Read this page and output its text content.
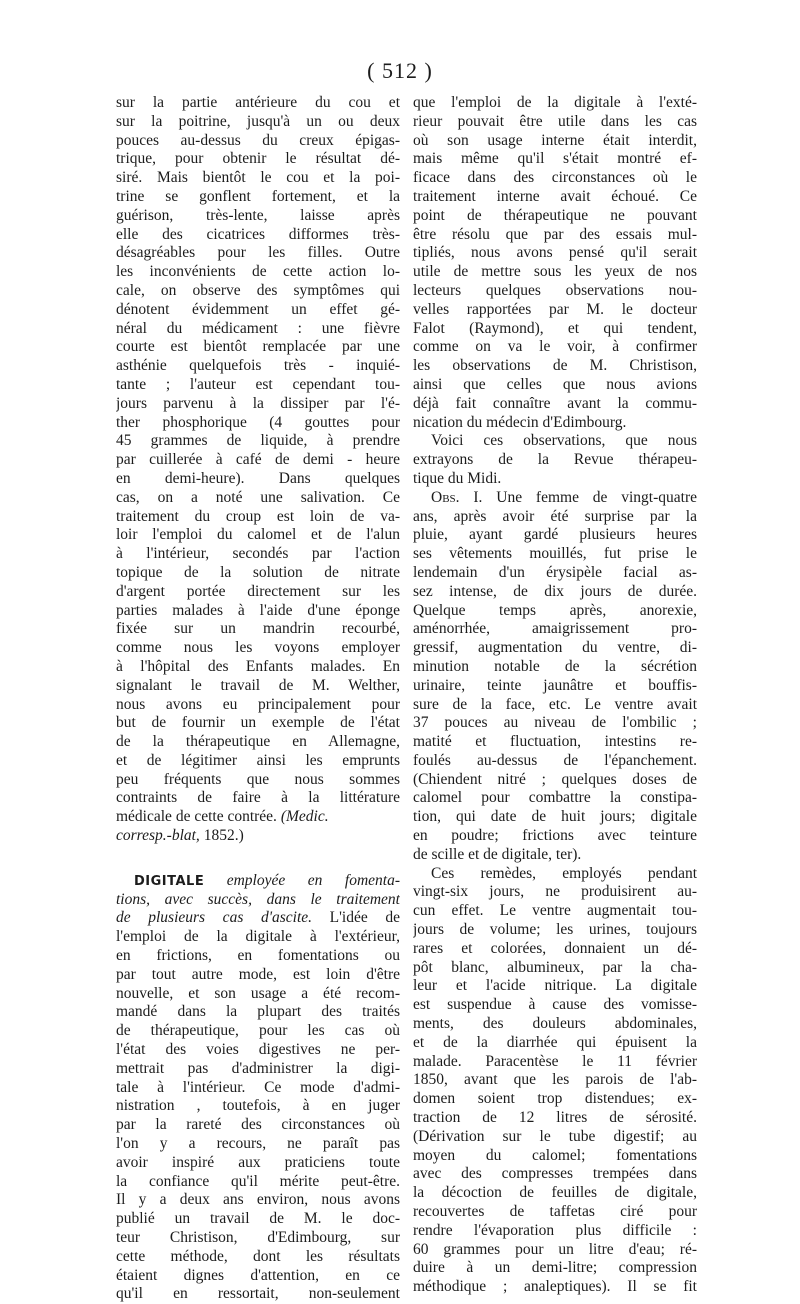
( 512 )
sur la partie antérieure du cou et
sur la poitrine, jusqu'à un ou deux
pouces au-dessus du creux épigas-
trique, pour obtenir le résultat dé-
siré. Mais bientôt le cou et la poi-
trine se gonflent fortement, et la
guérison, très-lente, laisse après
elle des cicatrices difformes très-
désagréables pour les filles. Outre
les inconvénients de cette action lo-
cale, on observe des symptômes qui
dénotent évidemment un effet gé-
néral du médicament : une fièvre
courte est bientôt remplacée par une
asthénie quelquefois très - inquié-
tante ; l'auteur est cependant tou-
jours parvenu à la dissiper par l'é-
ther phosphorique (4 gouttes pour
45 grammes de liquide, à prendre
par cuillerée à café de demi - heure
en demi-heure). Dans quelques
cas, on a noté une salivation. Ce
traitement du croup est loin de va-
loir l'emploi du calomel et de l'alun
à l'intérieur, secondés par l'action
topique de la solution de nitrate
d'argent portée directement sur les
parties malades à l'aide d'une éponge
fixée sur un mandrin recourbé,
comme nous les voyons employer
à l'hôpital des Enfants malades. En
signalant le travail de M. Welther,
nous avons eu principalement pour
but de fournir un exemple de l'état
de la thérapeutique en Allemagne,
et de légitimer ainsi les emprunts
peu fréquents que nous sommes
contraints de faire à la littérature
médicale de cette contrée. (Medic.
corresp.-blat, 1852.)
DIGITALE employée en fomenta-
tions, avec succès, dans le traitement
de plusieurs cas d'ascite. L'idée de
l'emploi de la digitale à l'extérieur,
en frictions, en fomentations ou
par tout autre mode, est loin d'être
nouvelle, et son usage a été recom-
mandé dans la plupart des traités
de thérapeutique, pour les cas où
l'état des voies digestives ne per-
mettrait pas d'administrer la digi-
tale à l'intérieur. Ce mode d'admi-
nistration , toutefois, à en juger
par la rareté des circonstances où
l'on y a recours, ne paraît pas
avoir inspiré aux praticiens toute
la confiance qu'il mérite peut-être.
Il y a deux ans environ, nous avons
publié un travail de M. le doc-
teur Christison, d'Edimbourg, sur
cette méthode, dont les résultats
étaient dignes d'attention, en ce
qu'il en ressortait, non-seulement
que l'emploi de la digitale à l'exté-
rieur pouvait être utile dans les cas
où son usage interne était interdit,
mais même qu'il s'était montré ef-
ficace dans des circonstances où le
traitement interne avait échoué. Ce
point de thérapeutique ne pouvant
être résolu que par des essais mul-
tipliés, nous avons pensé qu'il serait
utile de mettre sous les yeux de nos
lecteurs quelques observations nou-
velles rapportées par M. le docteur
Falot (Raymond), et qui tendent,
comme on va le voir, à confirmer
les observations de M. Christison,
ainsi que celles que nous avions
déjà fait connaître avant la commu-
nication du médecin d'Edimbourg.
Voici ces observations, que nous
extrayons de la Revue thérapeu-
tique du Midi.
Obs. I. Une femme de vingt-quatre
ans, après avoir été surprise par la
pluie, ayant gardé plusieurs heures
ses vêtements mouillés, fut prise le
lendemain d'un érysipèle facial as-
sez intense, de dix jours de durée.
Quelque temps après, anorexie,
aménorrhée, amaigrissement pro-
gressif, augmentation du ventre, di-
minution notable de la sécrétion
urinaire, teinte jaunâtre et bouffis-
sure de la face, etc. Le ventre avait
37 pouces au niveau de l'ombilic ;
matité et fluctuation, intestins re-
foulés au-dessus de l'épanchement.
(Chiendent nitré ; quelques doses de
calomel pour combattre la constipa-
tion, qui date de huit jours; digitale
en poudre; frictions avec teinture
de scille et de digitale, ter).
Ces remèdes, employés pendant
vingt-six jours, ne produisirent au-
cun effet. Le ventre augmentait tou-
jours de volume; les urines, toujours
rares et colorées, donnaient un dé-
pôt blanc, albumineux, par la cha-
leur et l'acide nitrique. La digitale
est suspendue à cause des vomisse-
ments, des douleurs abdominales,
et de la diarrhée qui épuisent la
malade. Paracentèse le 11 février
1850, avant que les parois de l'ab-
domen soient trop distendues; ex-
traction de 12 litres de sérosité.
(Dérivation sur le tube digestif; au
moyen du calomel; fomentations
avec des compresses trempées dans
la décoction de feuilles de digitale,
recouvertes de taffetas ciré pour
rendre l'évaporation plus difficile :
60 grammes pour un litre d'eau; ré-
duire à un demi-litre; compression
méthodique ; analeptiques). Il se fit
